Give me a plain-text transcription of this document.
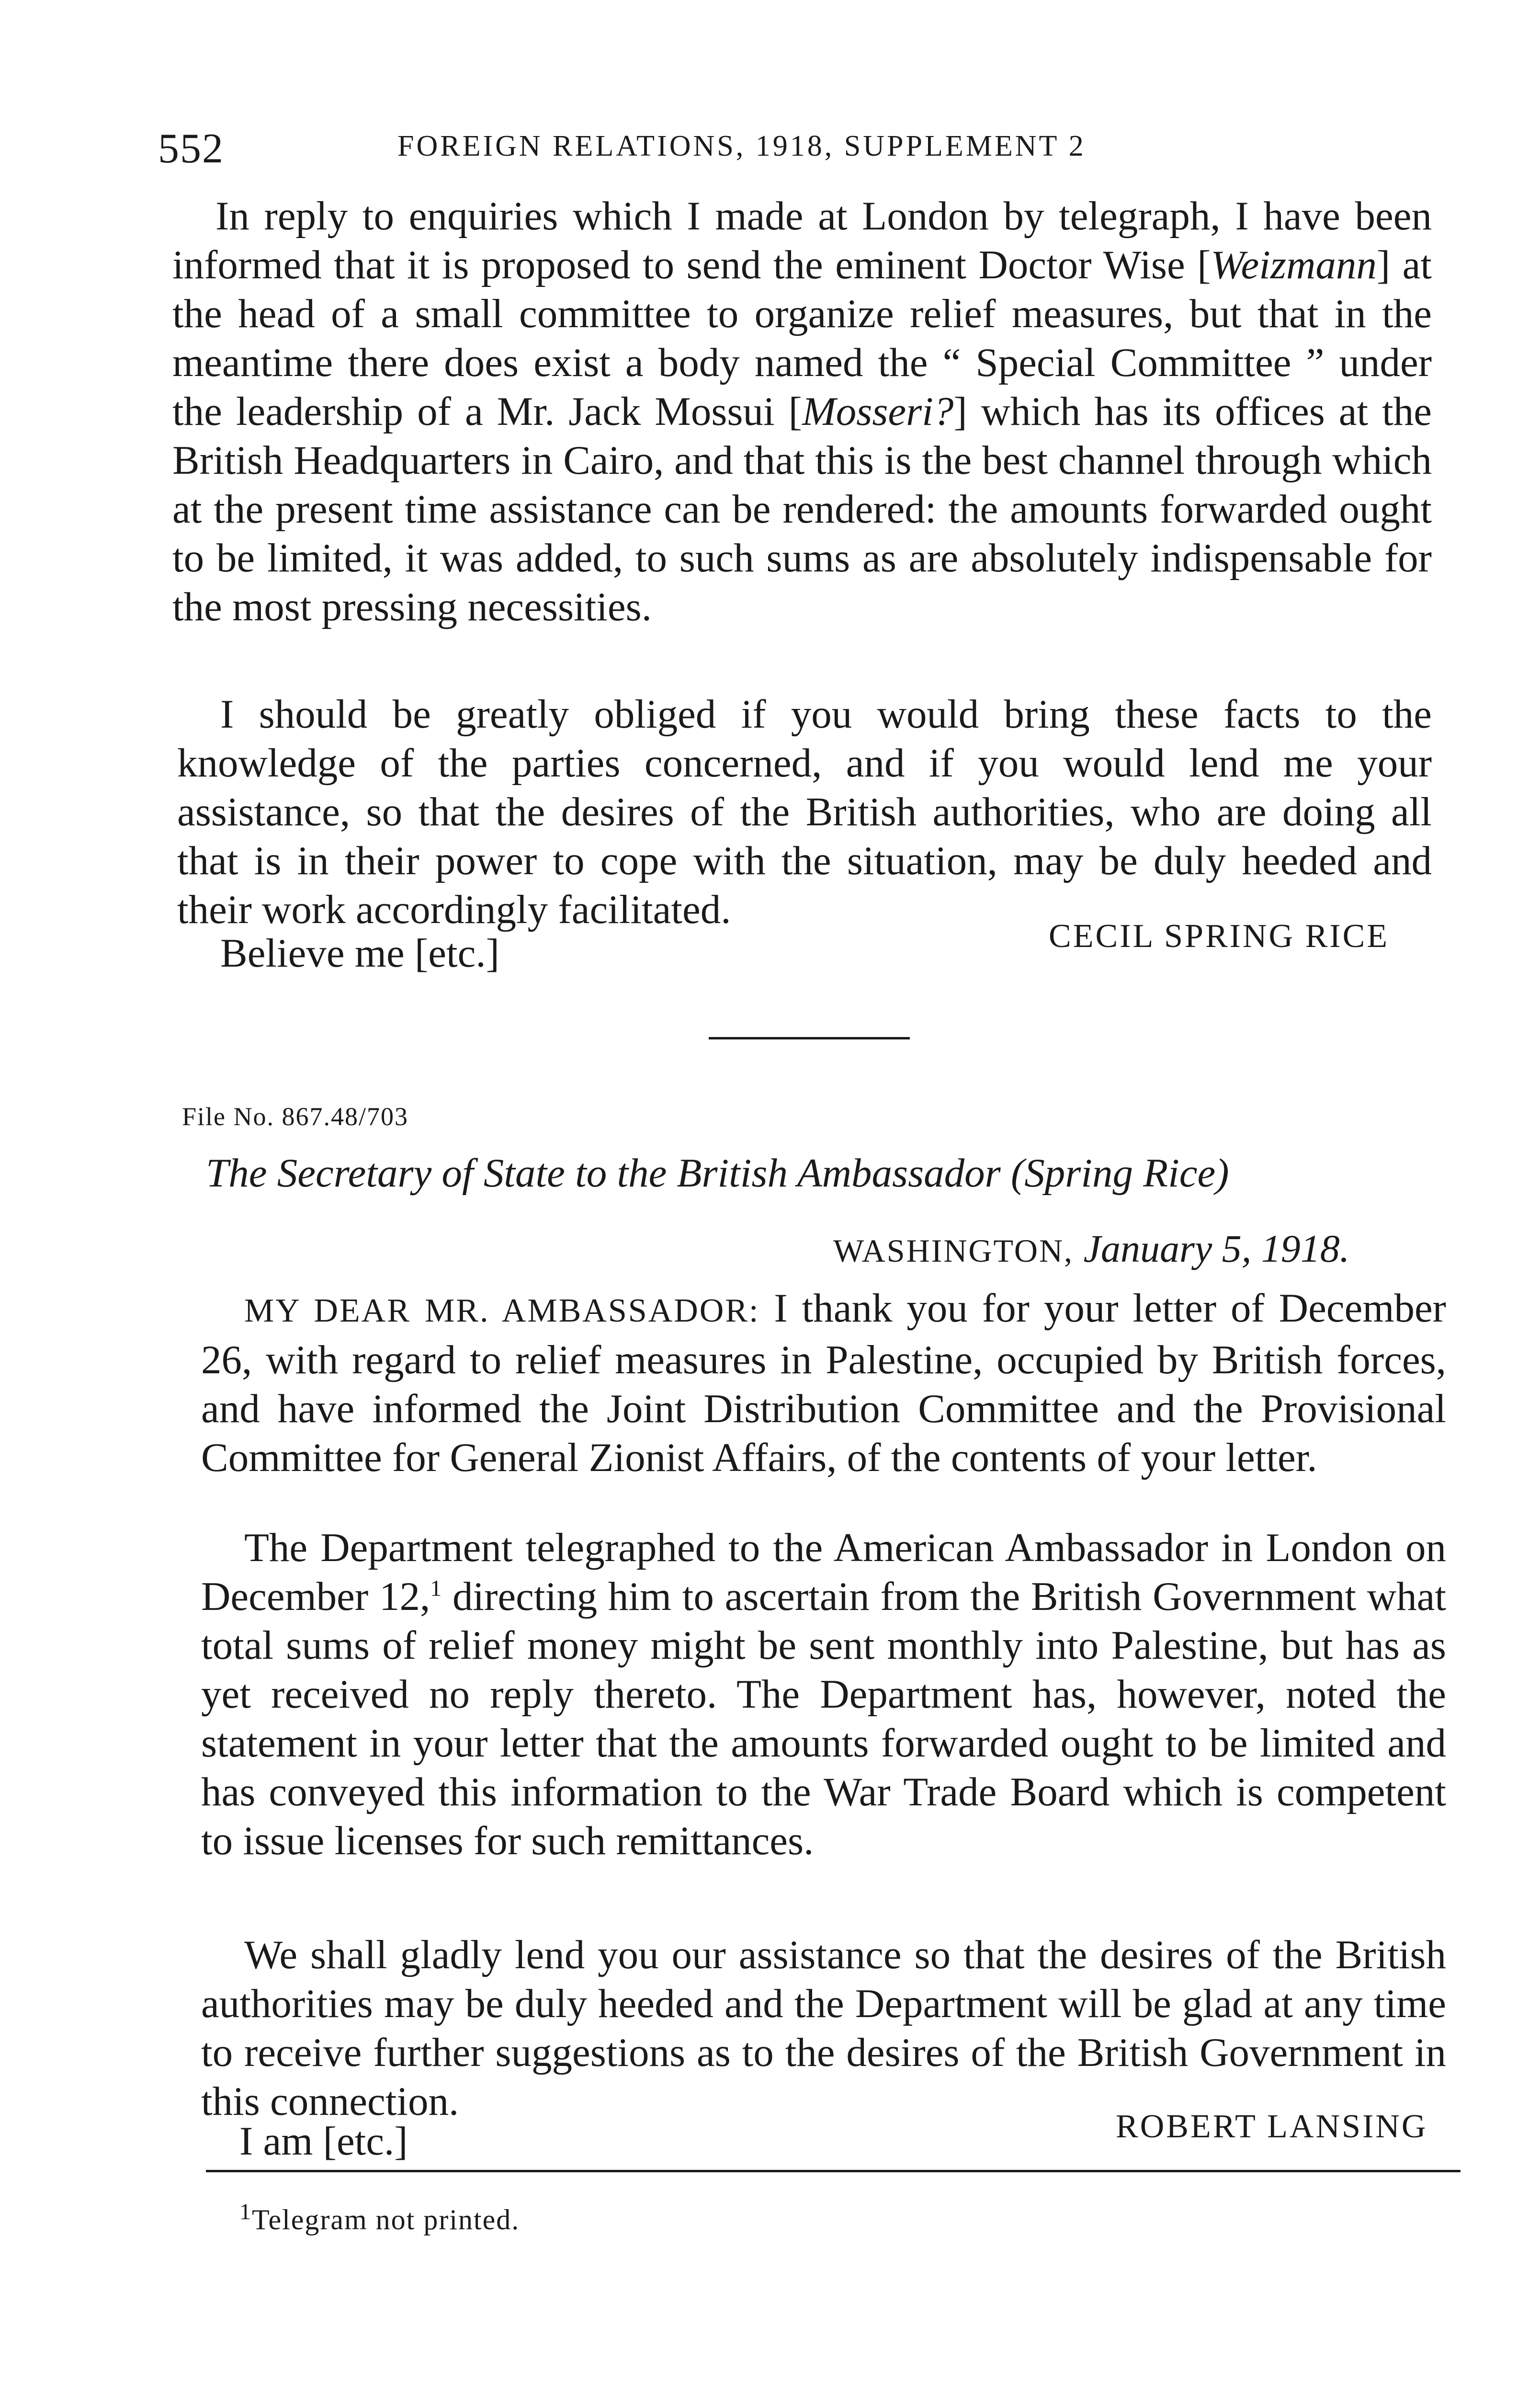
552	FOREIGN RELATIONS, 1918, SUPPLEMENT 2

In reply to enquiries which I made at London by telegraph, I have been informed that it is proposed to send the eminent Doctor Wise [Weizmann] at the head of a small committee to organize relief measures, but that in the meantime there does exist a body named the “ Special Committee ” under the leadership of a Mr. Jack Mossui [Mosseri?] which has its offices at the British Headquarters in Cairo, and that this is the best channel through which at the present time assistance can be rendered: the amounts forwarded ought to be limited, it was added, to such sums as are absolutely indispensable for the most pressing necessities.

I should be greatly obliged if you would bring these facts to the knowledge of the parties concerned, and if you would lend me your assistance, so that the desires of the British authorities, who are doing all that is in their power to cope with the situation, may be duly heeded and their work accordingly facilitated.

Believe me [etc.]	CECIL SPRING RICE
File No. 867.48/703
The Secretary of State to the British Ambassador (Spring Rice)
WASHINGTON, January 5, 1918.

MY DEAR MR. AMBASSADOR: I thank you for your letter of December 26, with regard to relief measures in Palestine, occupied by British forces, and have informed the Joint Distribution Committee and the Provisional Committee for General Zionist Affairs, of the contents of your letter.

The Department telegraphed to the American Ambassador in London on December 12,$^1$ directing him to ascertain from the British Government what total sums of relief money might be sent monthly into Palestine, but has as yet received no reply thereto. The Department has, however, noted the statement in your letter that the amounts forwarded ought to be limited and has conveyed this information to the War Trade Board which is competent to issue licenses for such remittances.

We shall gladly lend you our assistance so that the desires of the British authorities may be duly heeded and the Department will be glad at any time to receive further suggestions as to the desires of the British Government in this connection.

I am [etc.]	ROBERT LANSING
$^1$Telegram not printed.
